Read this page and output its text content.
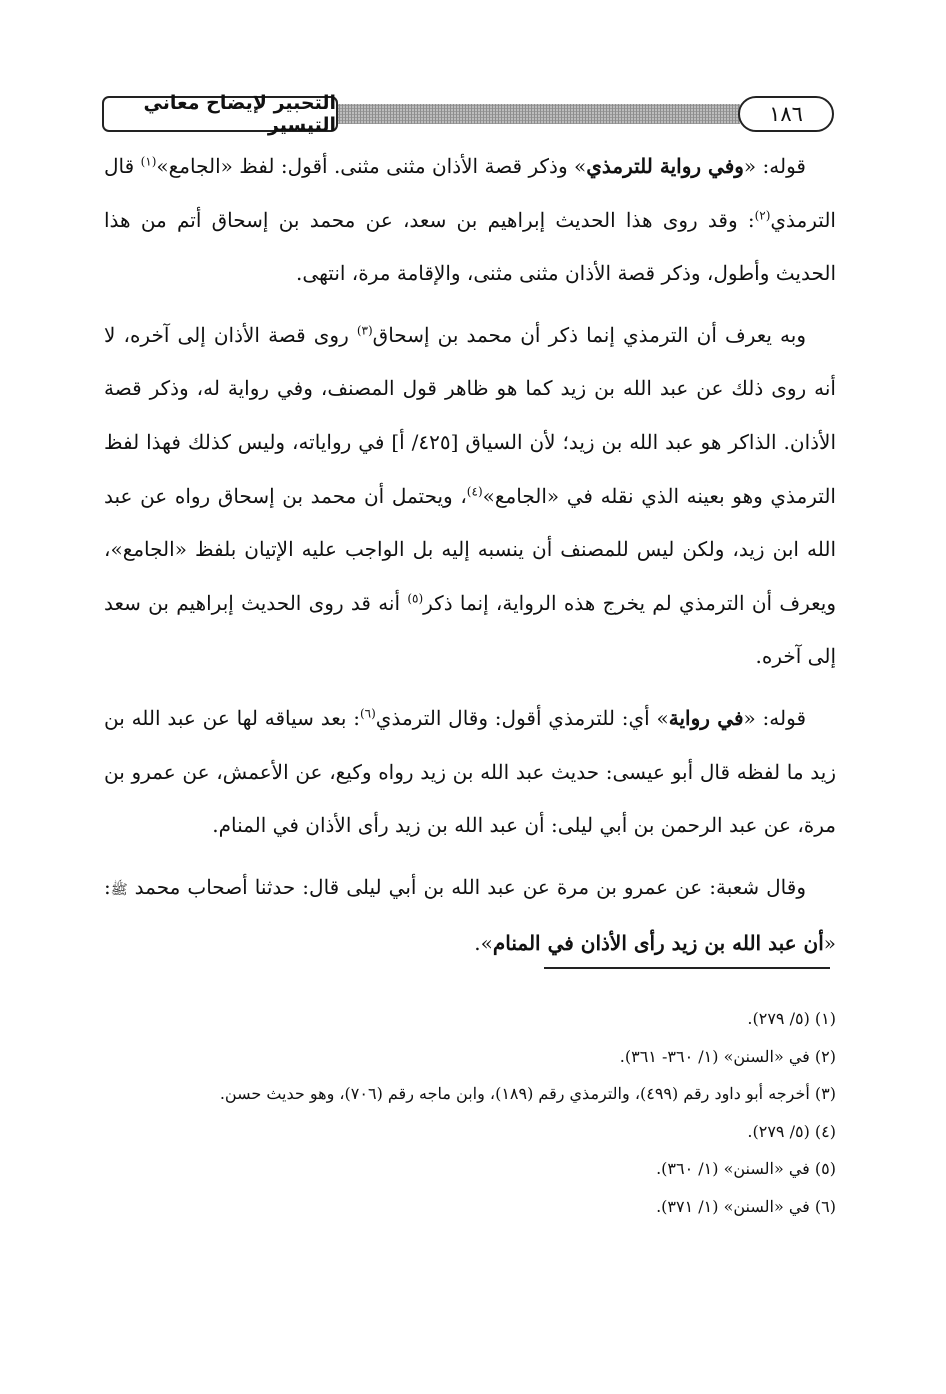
التحبير لإيضاح معاني التيسير	١٨٦

قوله: «وفي رواية للترمذي» وذكر قصة الأذان مثنى مثنى. أقول: لفظ «الجامع»$^{(١)}$ قال الترمذي$^{(٢)}$: وقد روى هذا الحديث إبراهيم بن سعد، عن محمد بن إسحاق أتم من هذا الحديث وأطول، وذكر قصة الأذان مثنى مثنى، والإقامة مرة، انتهى.

وبه يعرف أن الترمذي إنما ذكر أن محمد بن إسحاق$^{(٣)}$ روى قصة الأذان إلى آخره، لا أنه روى ذلك عن عبد الله بن زيد كما هو ظاهر قول المصنف، وفي رواية له، وذكر قصة الأذان. الذاكر هو عبد الله بن زيد؛ لأن السياق [٤٢٥/ أ] في رواياته، وليس كذلك فهذا لفظ الترمذي وهو بعينه الذي نقله في «الجامع»$^{(٤)}$، ويحتمل أن محمد بن إسحاق رواه عن عبد الله ابن زيد، ولكن ليس للمصنف أن ينسبه إليه بل الواجب عليه الإتيان بلفظ «الجامع»، ويعرف أن الترمذي لم يخرج هذه الرواية، إنما ذكر$^{(٥)}$ أنه قد روى الحديث إبراهيم بن سعد إلى آخره.

قوله: «في رواية» أي: للترمذي أقول: وقال الترمذي$^{(٦)}$: بعد سياقه لها عن عبد الله بن زيد ما لفظه قال أبو عيسى: حديث عبد الله بن زيد رواه وكيع، عن الأعمش، عن عمرو بن مرة، عن عبد الرحمن بن أبي ليلى: أن عبد الله بن زيد رأى الأذان في المنام.

وقال شعبة: عن عمرو بن مرة عن عبد الله بن أبي ليلى قال: حدثنا أصحاب محمد ﷺ: «أن عبد الله بن زيد رأى الأذان في المنام».

(١) (٥/ ٢٧٩).
(٢) في «السنن» (١/ ٣٦٠- ٣٦١).
(٣) أخرجه أبو داود رقم (٤٩٩)، والترمذي رقم (١٨٩)، وابن ماجه رقم (٧٠٦)، وهو حديث حسن.
(٤) (٥/ ٢٧٩).
(٥) في «السنن» (١/ ٣٦٠).
(٦) في «السنن» (١/ ٣٧١).
